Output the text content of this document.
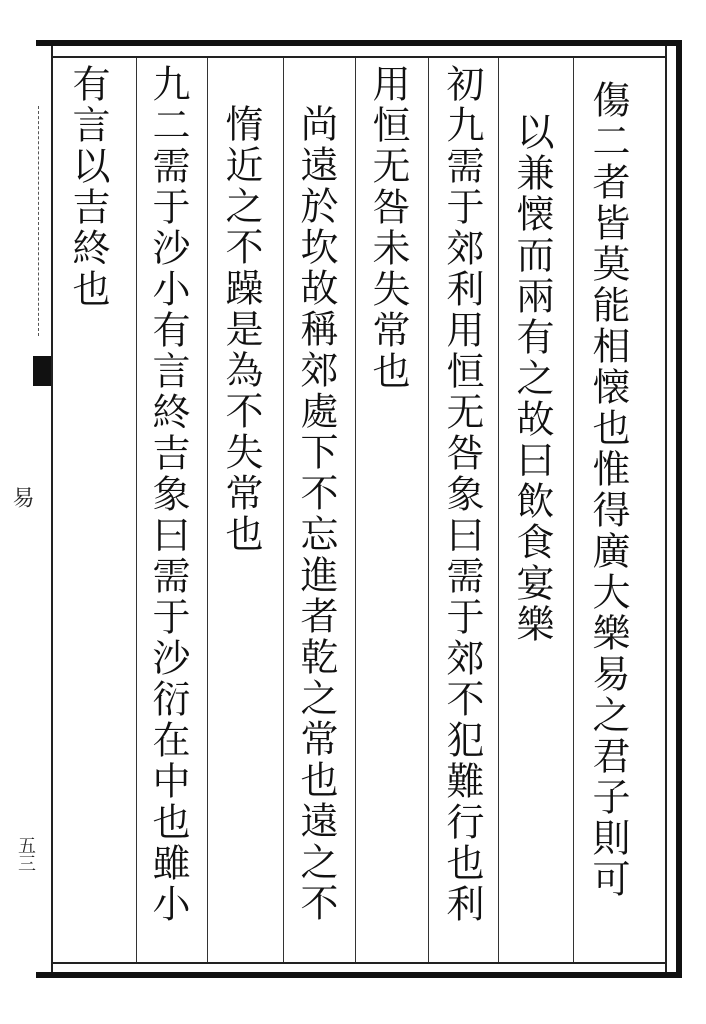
易
五三	傷二者皆莫能相懐也惟得廣大樂易之君子則可
以兼懐而兩有之故曰飲食宴樂
初九需于郊利用恒无咎象曰需于郊不犯難行也利
用恒无咎未失常也
尚遠於坎故稱郊處下不忘進者乾之常也遠之不
惰近之不躁是為不失常也
九二需于沙小有言終吉象曰需于沙衍在中也雖小
有言以吉終也
